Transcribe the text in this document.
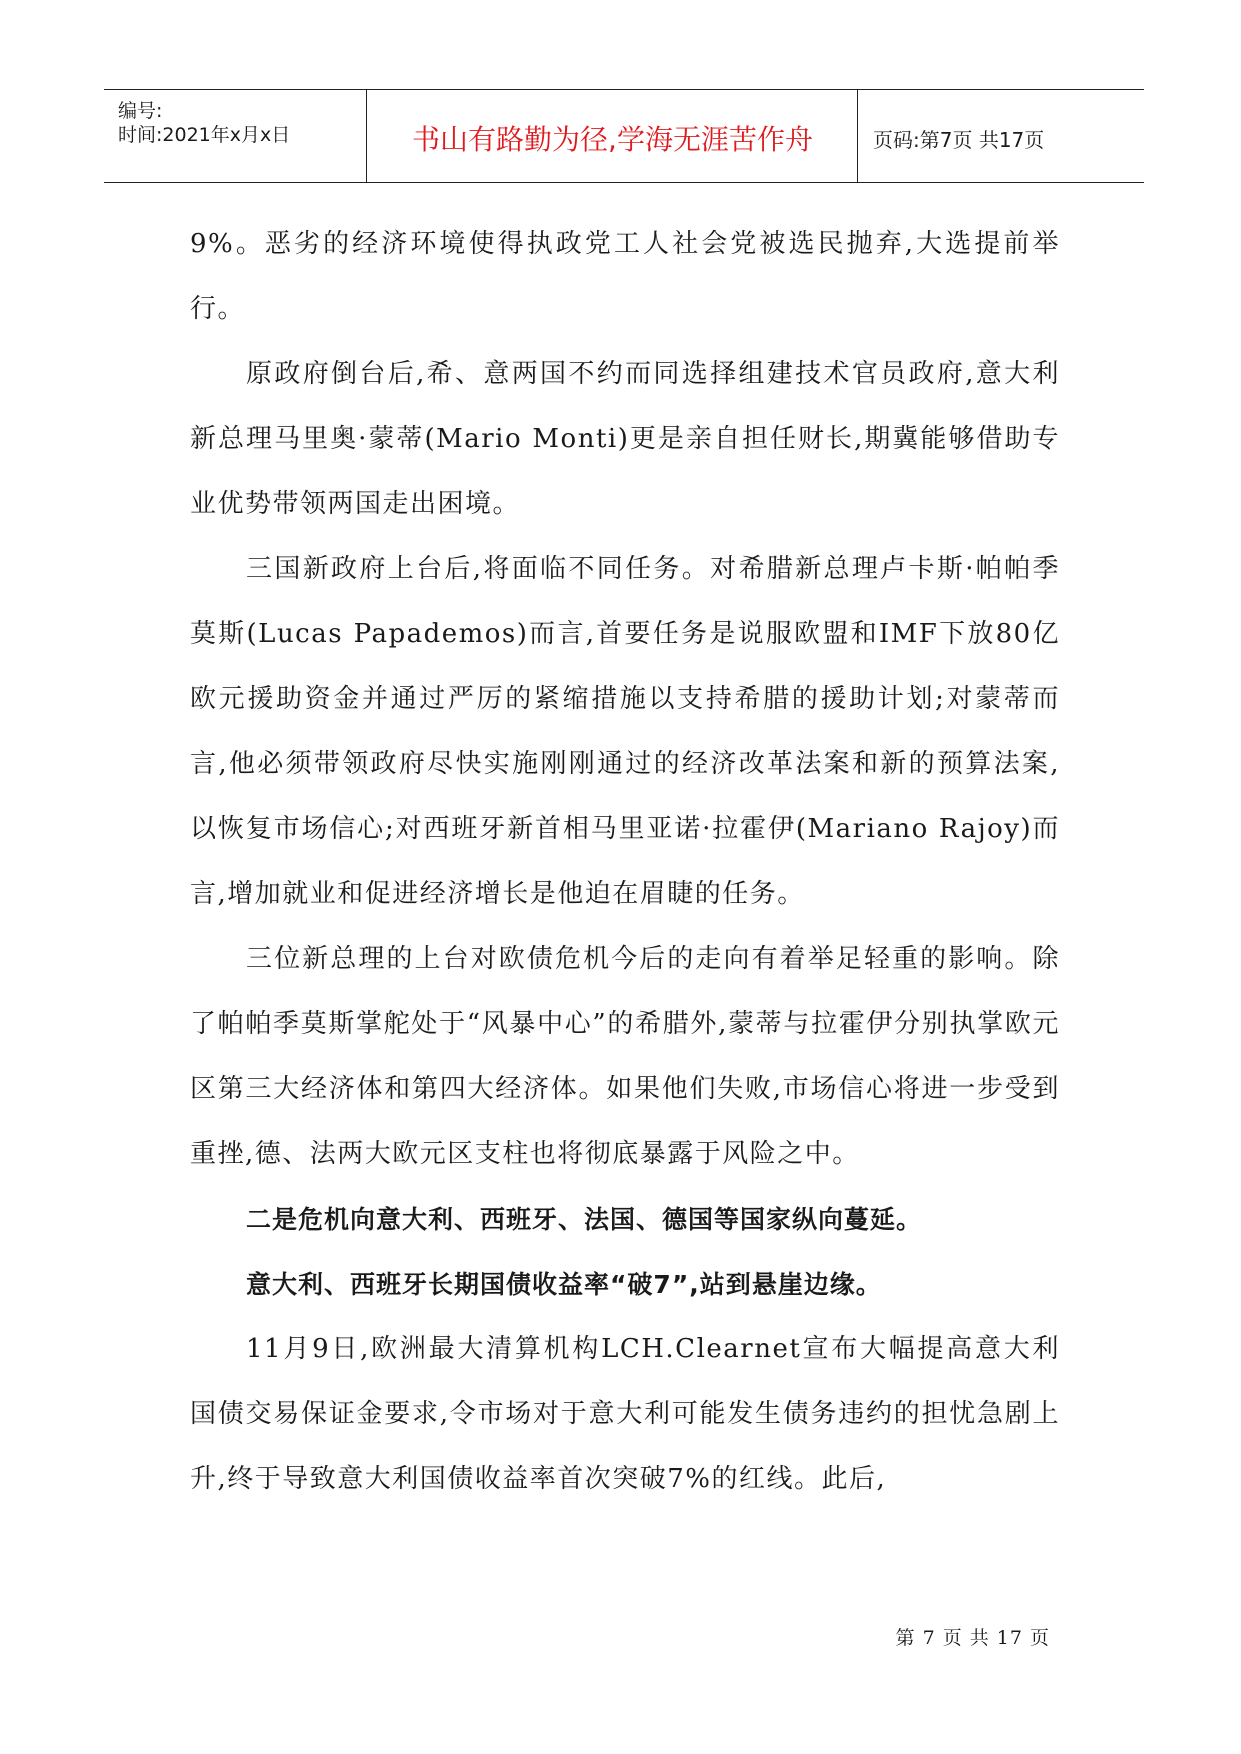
编号:
时间:2021年x月x日	书山有路勤为径,学海无涯苦作舟	页码:第7页 共17页

9%。恶劣的经济环境使得执政党工人社会党被选民抛弃,大选提前举行。

原政府倒台后,希、意两国不约而同选择组建技术官员政府,意大利新总理马里奥·蒙蒂(Mario Monti)更是亲自担任财长,期冀能够借助专业优势带领两国走出困境。

三国新政府上台后,将面临不同任务。对希腊新总理卢卡斯·帕帕季莫斯(Lucas Papademos)而言,首要任务是说服欧盟和IMF下放80亿欧元援助资金并通过严厉的紧缩措施以支持希腊的援助计划;对蒙蒂而言,他必须带领政府尽快实施刚刚通过的经济改革法案和新的预算法案,以恢复市场信心;对西班牙新首相马里亚诺·拉霍伊(Mariano Rajoy)而言,增加就业和促进经济增长是他迫在眉睫的任务。

三位新总理的上台对欧债危机今后的走向有着举足轻重的影响。除了帕帕季莫斯掌舵处于“风暴中心”的希腊外,蒙蒂与拉霍伊分别执掌欧元区第三大经济体和第四大经济体。如果他们失败,市场信心将进一步受到重挫,德、法两大欧元区支柱也将彻底暴露于风险之中。

二是危机向意大利、西班牙、法国、德国等国家纵向蔓延。

意大利、西班牙长期国债收益率“破7”,站到悬崖边缘。

11月9日,欧洲最大清算机构LCH.Clearnet宣布大幅提高意大利国债交易保证金要求,令市场对于意大利可能发生债务违约的担忧急剧上升,终于导致意大利国债收益率首次突破7%的红线。此后,

第 7 页 共 17 页
